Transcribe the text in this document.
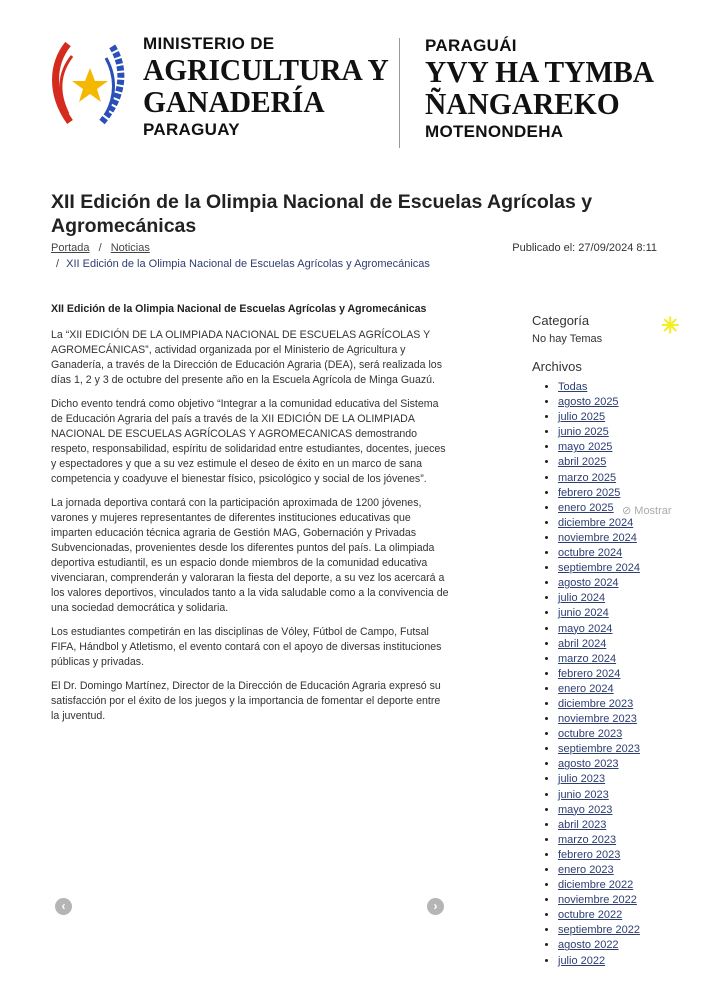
MINISTERIO DE
AGRICULTURA Y
GANADERÍA
PARAGUAY
PARAGUÁI
YVY HA TYMBA
ÑANGAREKO
MOTENONDEHA
XII Edición de la Olimpia Nacional de Escuelas Agrícolas y Agromecánicas
Portada / Noticias
/ XII Edición de la Olimpia Nacional de Escuelas Agrícolas y Agromecánicas
Publicado el: 27/09/2024 8:11
XII Edición de la Olimpia Nacional de Escuelas Agrícolas y Agromecánicas

La “XII EDICIÓN DE LA OLIMPIADA NACIONAL DE ESCUELAS AGRÍCOLAS Y AGROMECÁNICAS”, actividad organizada por el Ministerio de Agricultura y Ganadería, a través de la Dirección de Educación Agraria (DEA), será realizada los días 1, 2 y 3 de octubre del presente año en la Escuela Agrícola de Minga Guazú.

Dicho evento tendrá como objetivo “Integrar a la comunidad educativa del Sistema de Educación Agraria del país a través de la XII EDICIÓN DE LA OLIMPIADA NACIONAL DE ESCUELAS AGRÍCOLAS Y AGROMECANICAS demostrando respeto, responsabilidad, espíritu de solidaridad entre estudiantes, docentes, jueces y espectadores y que a su vez estimule el deseo de éxito en un marco de sana competencia y coadyuve el bienestar físico, psicológico y social de los jóvenes”.

La jornada deportiva contará con la participación aproximada de 1200 jóvenes, varones y mujeres representantes de diferentes instituciones educativas que imparten educación técnica agraria de Gestión MAG, Gobernación y Privadas Subvencionadas, provenientes desde los diferentes puntos del país. La olimpiada deportiva estudiantil, es un espacio donde miembros de la comunidad educativa vivenciaran, comprenderán y valoraran la fiesta del deporte, a su vez los acercará a los valores deportivos, vinculados tanto a la vida saludable como a la convivencia de una sociedad democrática y solidaria.

Los estudiantes competirán en las disciplinas de Vóley, Fútbol de Campo, Futsal FIFA, Hándbol y Atletismo, el evento contará con el apoyo de diversas instituciones públicas y privadas.

El Dr. Domingo Martínez, Director de la Dirección de Educación Agraria expresó su satisfacción por el éxito de los juegos y la importancia de fomentar el deporte entre la juventud.

‹	›
Categoría
No hay Temas
Archivos
• Todas
• agosto 2025
• julio 2025
• junio 2025
• mayo 2025
• abril 2025
• marzo 2025
• febrero 2025
• enero 2025
• diciembre 2024
• noviembre 2024
• octubre 2024
• septiembre 2024
• agosto 2024
• julio 2024
• junio 2024
• mayo 2024
• abril 2024
• marzo 2024
• febrero 2024
• enero 2024
• diciembre 2023
• noviembre 2023
• octubre 2023
• septiembre 2023
• agosto 2023
• julio 2023
• junio 2023
• mayo 2023
• abril 2023
• marzo 2023
• febrero 2023
• enero 2023
• diciembre 2022
• noviembre 2022
• octubre 2022
• septiembre 2022
• agosto 2022
• julio 2022
✳
⊘ Mostrar
